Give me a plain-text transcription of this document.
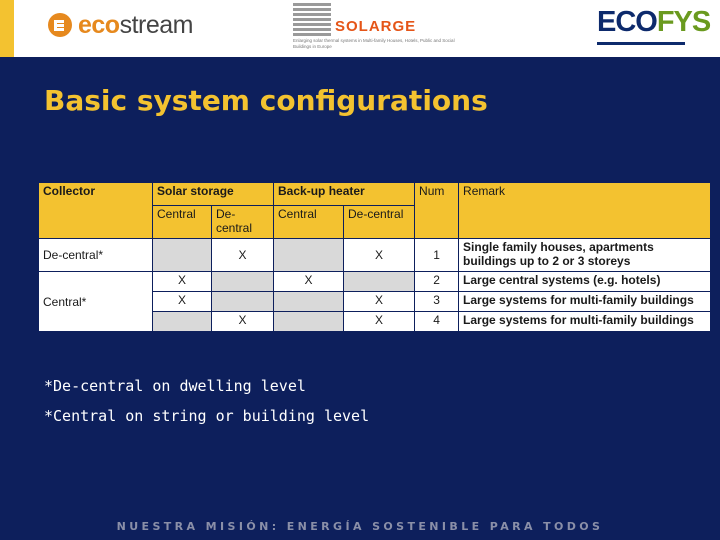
ecostream	SOLARGE
Enlarging solar thermal systems in Multi-family Houses, Hotels, Public and Social Buildings in Europe
ECOFYS
Basic system configurations
Collector	Solar storage		Back-up heater		Num	Remark
	Central	De-
central	Central	De-central		
De-central*		X		X	1	Single family houses, apartments buildings up to 2 or 3 storeys
Central*	X		X		2	Large central systems (e.g. hotels)
	X			X	3	Large systems for multi-family buildings
		X		X	4	Large systems for multi-family buildings
*De-central on dwelling level
*Central on string or building level
NUESTRA MISIÓN: ENERGÍA SOSTENIBLE PARA TODOS
